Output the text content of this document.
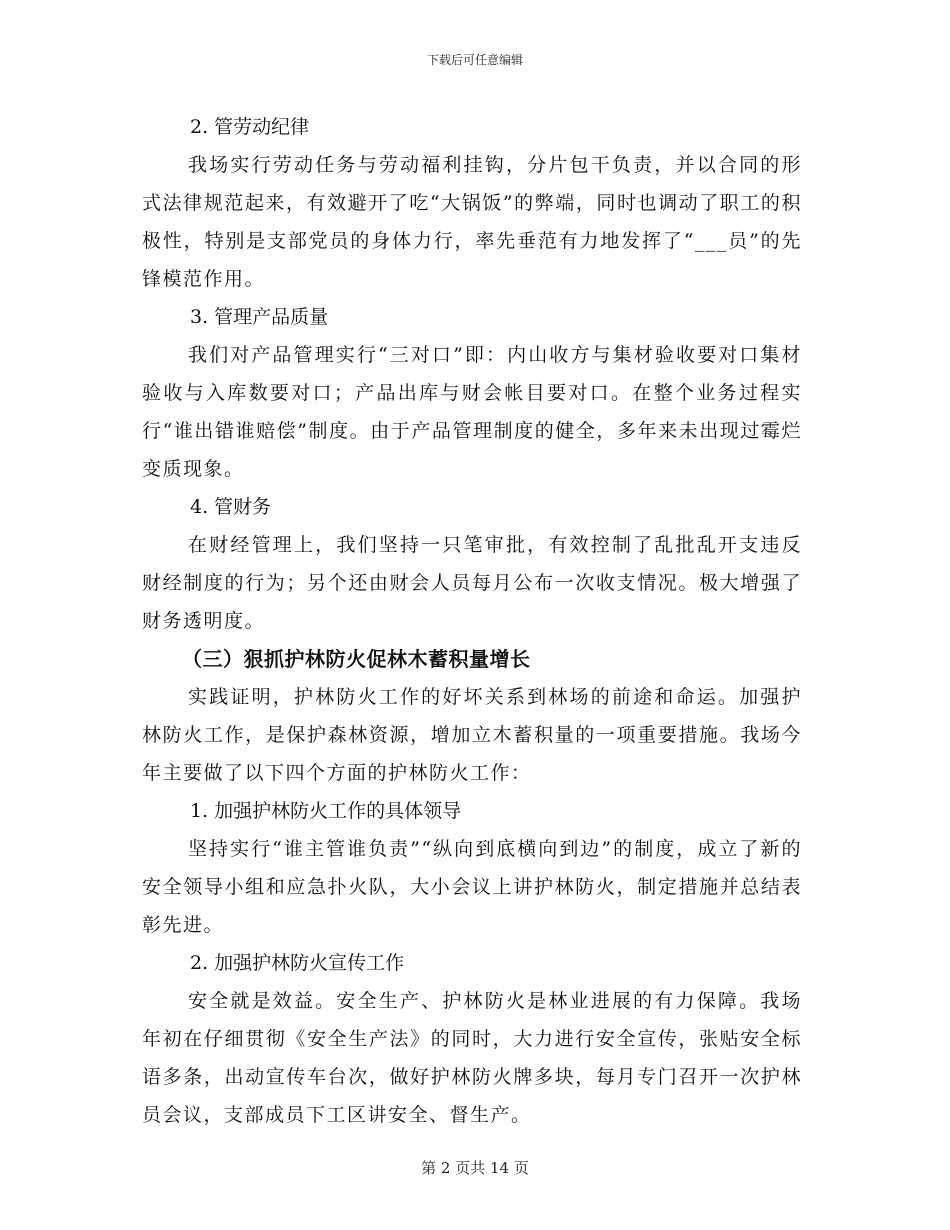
下载后可任意编辑
2. 管劳动纪律

我场实行劳动任务与劳动福利挂钩，分片包干负责，并以合同的形式法律规范起来，有效避开了吃“大锅饭”的弊端，同时也调动了职工的积极性，特别是支部党员的身体力行，率先垂范有力地发挥了“___员”的先锋模范作用。

3. 管理产品质量

我们对产品管理实行“三对口”即：内山收方与集材验收要对口集材验收与入库数要对口；产品出库与财会帐目要对口。在整个业务过程实行“谁出错谁赔偿”制度。由于产品管理制度的健全，多年来未出现过霉烂变质现象。

4. 管财务

在财经管理上，我们坚持一只笔审批，有效控制了乱批乱开支违反财经制度的行为；另个还由财会人员每月公布一次收支情况。极大增强了财务透明度。

（三）狠抓护林防火促林木蓄积量增长

实践证明，护林防火工作的好坏关系到林场的前途和命运。加强护林防火工作，是保护森林资源，增加立木蓄积量的一项重要措施。我场今年主要做了以下四个方面的护林防火工作：

1. 加强护林防火工作的具体领导

坚持实行“谁主管谁负责”“纵向到底横向到边”的制度，成立了新的安全领导小组和应急扑火队，大小会议上讲护林防火，制定措施并总结表彰先进。

2. 加强护林防火宣传工作

安全就是效益。安全生产、护林防火是林业进展的有力保障。我场年初在仔细贯彻《安全生产法》的同时，大力进行安全宣传，张贴安全标语多条，出动宣传车台次，做好护林防火牌多块，每月专门召开一次护林员会议，支部成员下工区讲安全、督生产。

第 2 页共 14 页
